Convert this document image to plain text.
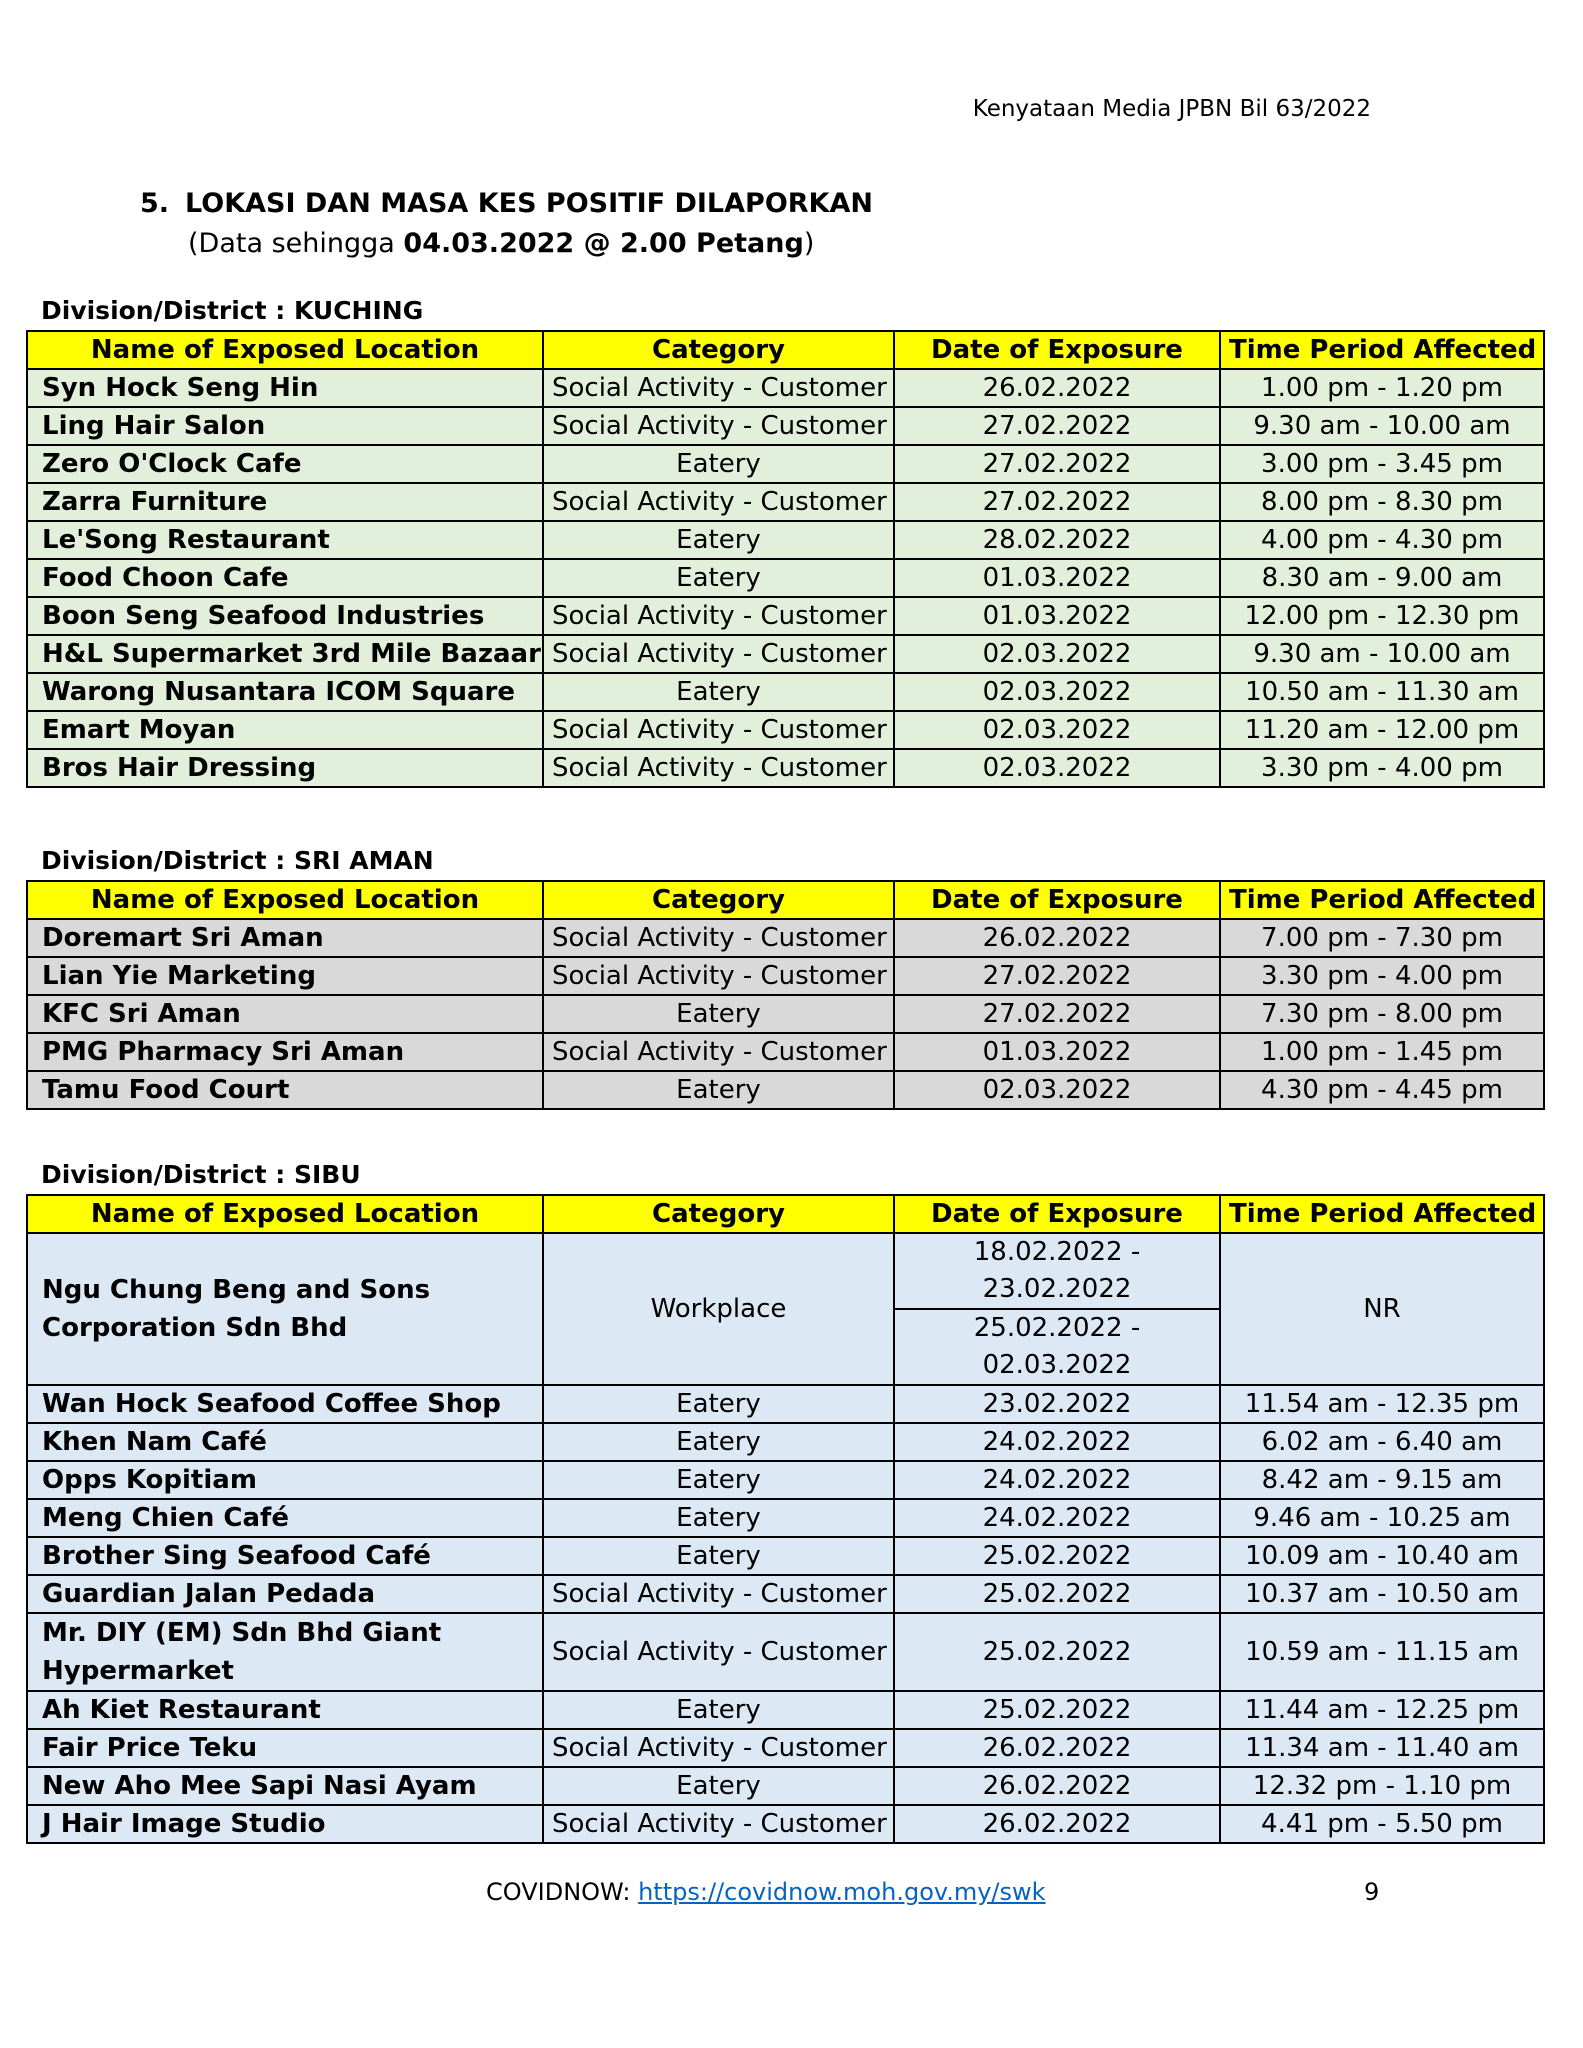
Kenyataan Media JPBN Bil 63/2022
5. LOKASI DAN MASA KES POSITIF DILAPORKAN
(Data sehingga 04.03.2022 @ 2.00 Petang)
Division/District : KUCHING
Name of Exposed Location	Category	Date of Exposure	Time Period Affected
Syn Hock Seng Hin	Social Activity - Customer	26.02.2022	1.00 pm - 1.20 pm
Ling Hair Salon	Social Activity - Customer	27.02.2022	9.30 am - 10.00 am
Zero O'Clock Cafe	Eatery	27.02.2022	3.00 pm - 3.45 pm
Zarra Furniture	Social Activity - Customer	27.02.2022	8.00 pm - 8.30 pm
Le'Song Restaurant	Eatery	28.02.2022	4.00 pm - 4.30 pm
Food Choon Cafe	Eatery	01.03.2022	8.30 am - 9.00 am
Boon Seng Seafood Industries	Social Activity - Customer	01.03.2022	12.00 pm - 12.30 pm
H&L Supermarket 3rd Mile Bazaar	Social Activity - Customer	02.03.2022	9.30 am - 10.00 am
Warong Nusantara ICOM Square	Eatery	02.03.2022	10.50 am - 11.30 am
Emart Moyan	Social Activity - Customer	02.03.2022	11.20 am - 12.00 pm
Bros Hair Dressing	Social Activity - Customer	02.03.2022	3.30 pm - 4.00 pm
Division/District : SRI AMAN
Name of Exposed Location	Category	Date of Exposure	Time Period Affected
Doremart Sri Aman	Social Activity - Customer	26.02.2022	7.00 pm - 7.30 pm
Lian Yie Marketing	Social Activity - Customer	27.02.2022	3.30 pm - 4.00 pm
KFC Sri Aman	Eatery	27.02.2022	7.30 pm - 8.00 pm
PMG Pharmacy Sri Aman	Social Activity - Customer	01.03.2022	1.00 pm - 1.45 pm
Tamu Food Court	Eatery	02.03.2022	4.30 pm - 4.45 pm
Division/District : SIBU
Name of Exposed Location	Category	Date of Exposure	Time Period Affected
Ngu Chung Beng and Sons Corporation Sdn Bhd	Workplace	18.02.2022 - 23.02.2022	NR
		25.02.2022 - 02.03.2022	
Wan Hock Seafood Coffee Shop	Eatery	23.02.2022	11.54 am - 12.35 pm
Khen Nam Café	Eatery	24.02.2022	6.02 am - 6.40 am
Opps Kopitiam	Eatery	24.02.2022	8.42 am - 9.15 am
Meng Chien Café	Eatery	24.02.2022	9.46 am - 10.25 am
Brother Sing Seafood Café	Eatery	25.02.2022	10.09 am - 10.40 am
Guardian Jalan Pedada	Social Activity - Customer	25.02.2022	10.37 am - 10.50 am
Mr. DIY (EM) Sdn Bhd Giant Hypermarket	Social Activity - Customer	25.02.2022	10.59 am - 11.15 am
Ah Kiet Restaurant	Eatery	25.02.2022	11.44 am - 12.25 pm
Fair Price Teku	Social Activity - Customer	26.02.2022	11.34 am - 11.40 am
New Aho Mee Sapi Nasi Ayam	Eatery	26.02.2022	12.32 pm - 1.10 pm
J Hair Image Studio	Social Activity - Customer	26.02.2022	4.41 pm - 5.50 pm
COVIDNOW: https://covidnow.moh.gov.my/swk	9
